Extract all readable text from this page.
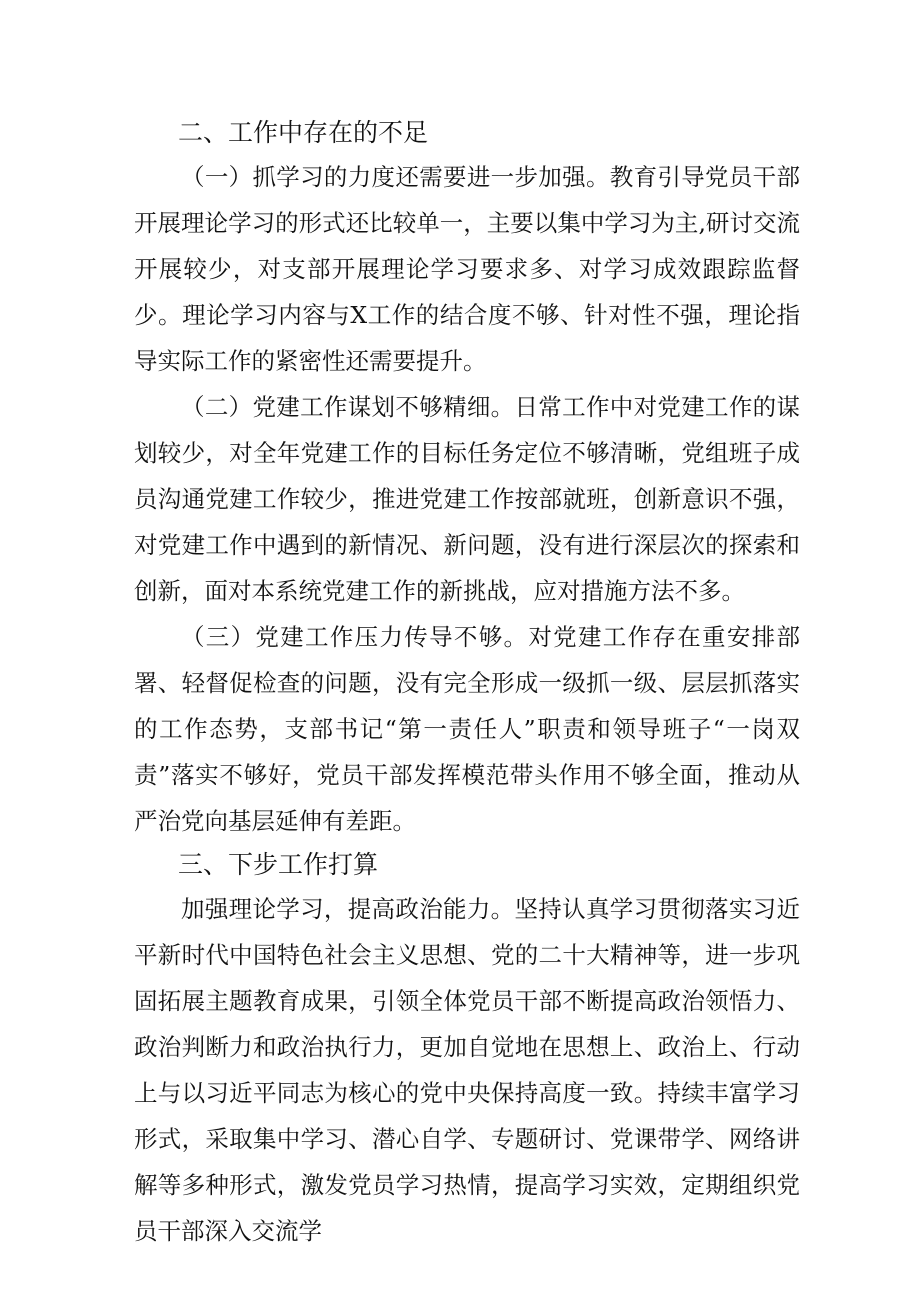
二、工作中存在的不足

（一）抓学习的力度还需要进一步加强。教育引导党员干部开展理论学习的形式还比较单一，主要以集中学习为主,研讨交流开展较少，对支部开展理论学习要求多、对学习成效跟踪监督少。理论学习内容与X工作的结合度不够、针对性不强，理论指导实际工作的紧密性还需要提升。

（二）党建工作谋划不够精细。日常工作中对党建工作的谋划较少，对全年党建工作的目标任务定位不够清晰，党组班子成员沟通党建工作较少，推进党建工作按部就班，创新意识不强，对党建工作中遇到的新情况、新问题，没有进行深层次的探索和创新，面对本系统党建工作的新挑战，应对措施方法不多。

（三）党建工作压力传导不够。对党建工作存在重安排部署、轻督促检查的问题，没有完全形成一级抓一级、层层抓落实的工作态势，支部书记“第一责任人”职责和领导班子“一岗双责”落实不够好，党员干部发挥模范带头作用不够全面，推动从严治党向基层延伸有差距。

三、下步工作打算

加强理论学习，提高政治能力。坚持认真学习贯彻落实习近平新时代中国特色社会主义思想、党的二十大精神等，进一步巩固拓展主题教育成果，引领全体党员干部不断提高政治领悟力、政治判断力和政治执行力，更加自觉地在思想上、政治上、行动上与以习近平同志为核心的党中央保持高度一致。持续丰富学习形式，采取集中学习、潜心自学、专题研讨、党课带学、网络讲解等多种形式，激发党员学习热情，提高学习实效，定期组织党员干部深入交流学
